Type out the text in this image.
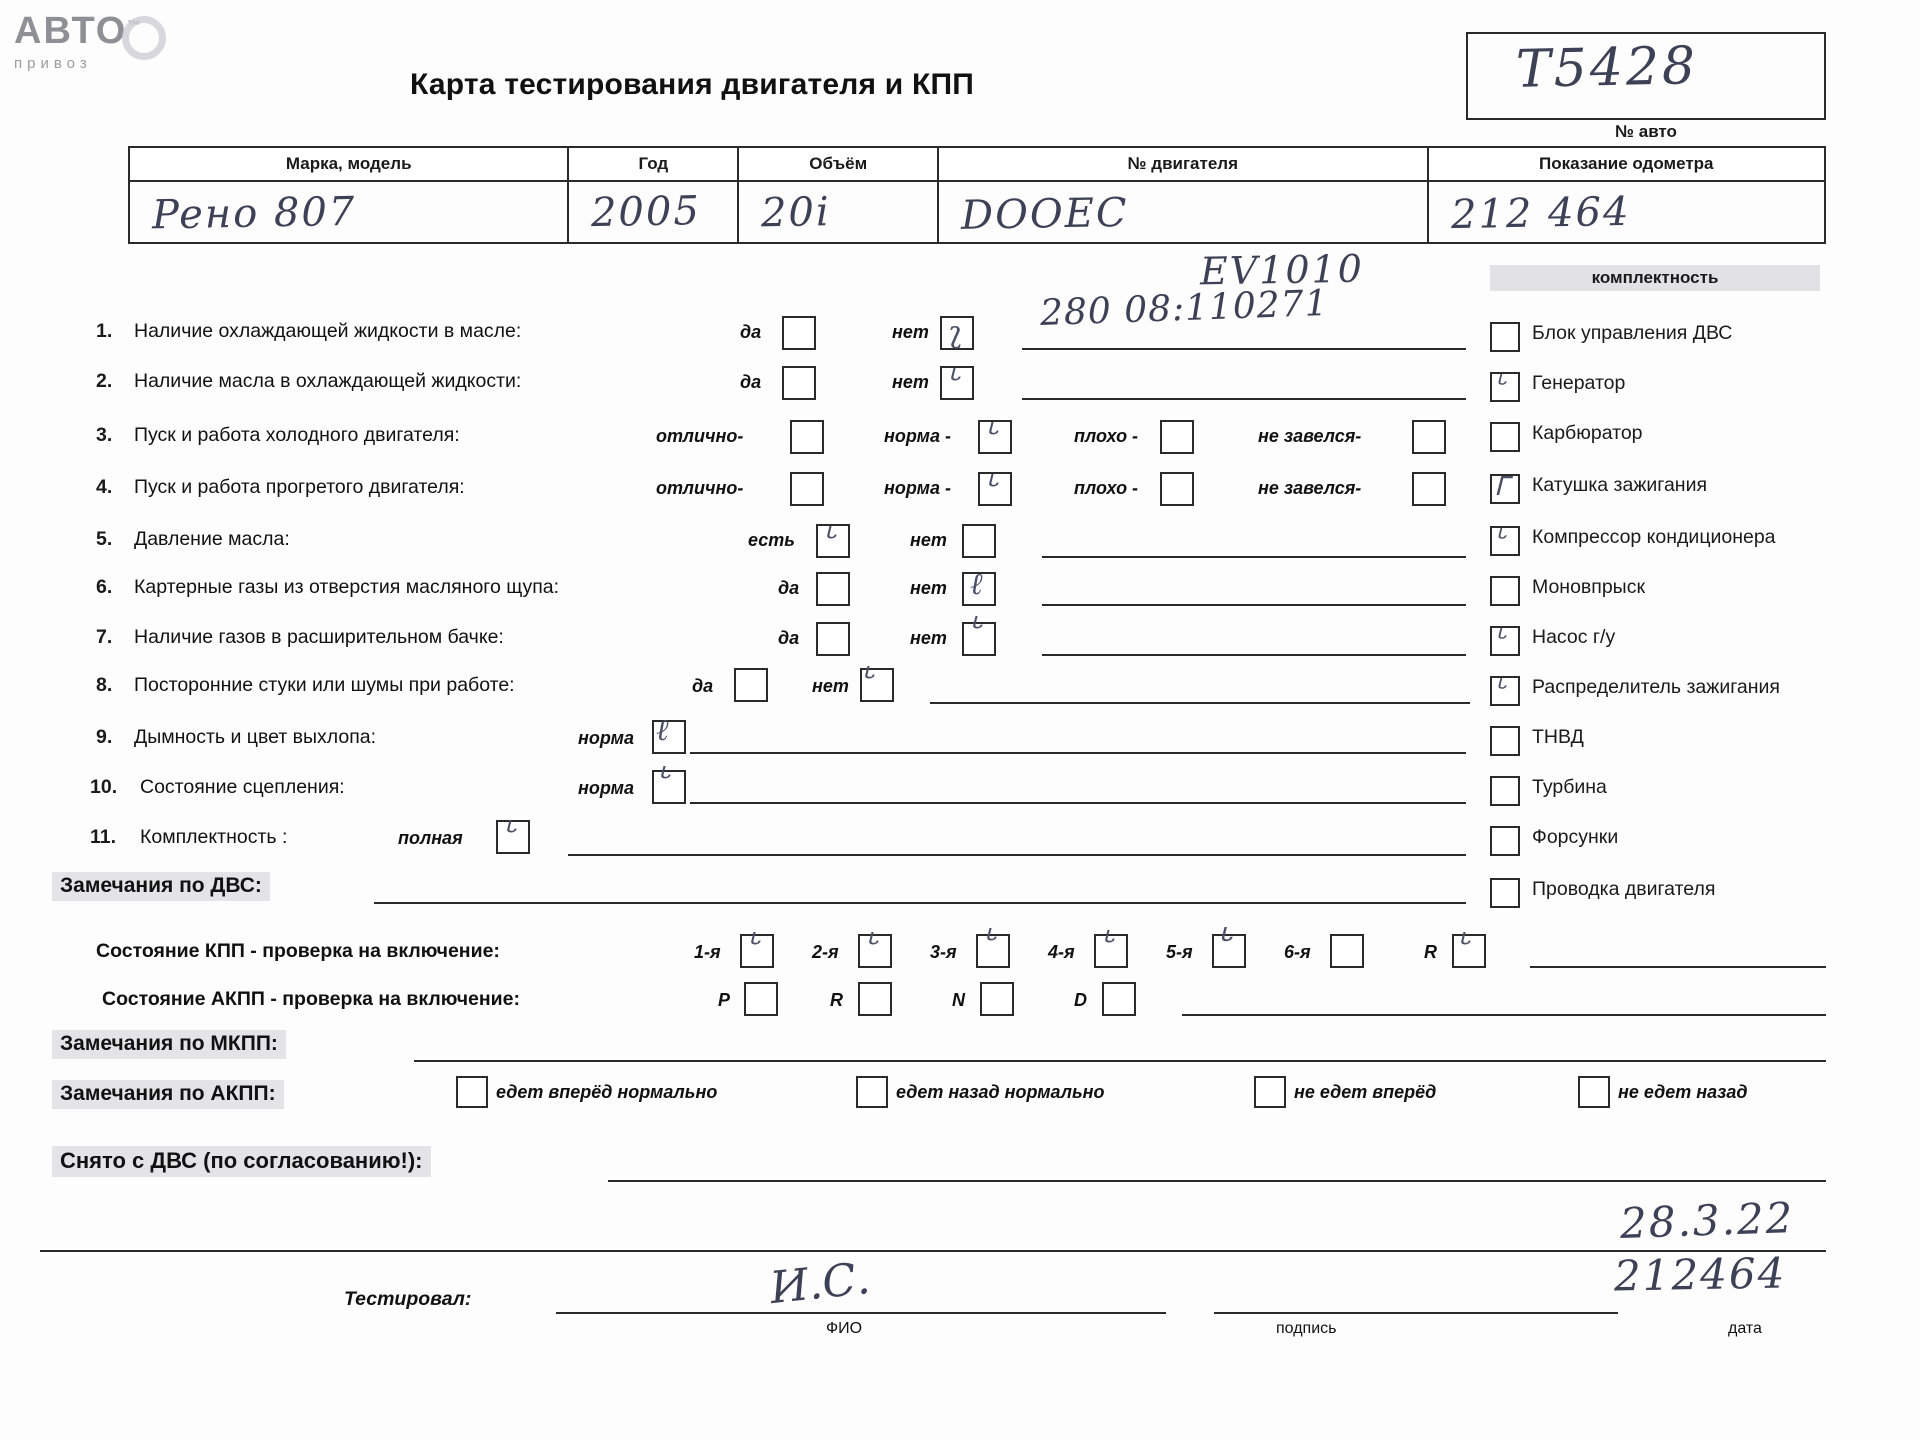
АВТО™
привоз
Карта тестирования двигателя и КПП	Т5428
№ авто
Марка, модель	Год	Объём	№ двигателя	Показание одометра

Peнo 807	2005	20i	DOOEC	212 464
EV1010
280 08:110271
комплектность
1. Наличие охлаждающей жидкости в масле:	да	нет ʅ
2. Наличие масла в охлаждающей жидкости:	да	нет ᒡ
3. Пуск и работа холодного двигателя:	отлично-	норма - ᒡ	плохо -	не завелся-
4. Пуск и работа прогретого двигателя:	отлично-	норма - ᒡ	плохо -	не завелся-
5. Давление масла:	есть ᒡ	нет
6. Картерные газы из отверстия масляного щупа:	да	нет ℓ
7. Наличие газов в расширительном бачке:	да	нет ᒡ
8. Посторонние стуки или шумы при работе:	да	нет ᒡ
9. Дымность и цвет выхлопа:	норма ℓ
10. Состояние сцепления:	норма ᒡ
11. Комплектность :	полная ᒡ
Блок управления ДВС
ᒡ Генератор
Карбюратор
ᒥ Катушка зажигания
ᒡ Компрессор кондиционера
Моновпрыск
ᒡ Насос г/у
ᒡ Распределитель зажигания
ТНВД
Турбина
Форсунки
Проводка двигателя
Замечания по ДВС:
Состояние КПП - проверка на включение:	1-я ᒡ	2-я ᒡ	3-я ᒡ	4-я ᒡ	5-я ᒡ	6-я	R ᒡ
Состояние АКПП - проверка на включение:	P	R	N	D
Замечания по МКПП:
Замечания по АКПП:	едет вперёд нормально	едет назад нормально	не едет вперёд	не едет назад
Снято с ДВС (по согласованию!):
28.3.22
212464
Тестировал:	И.С.
ФИО	подпись	дата
